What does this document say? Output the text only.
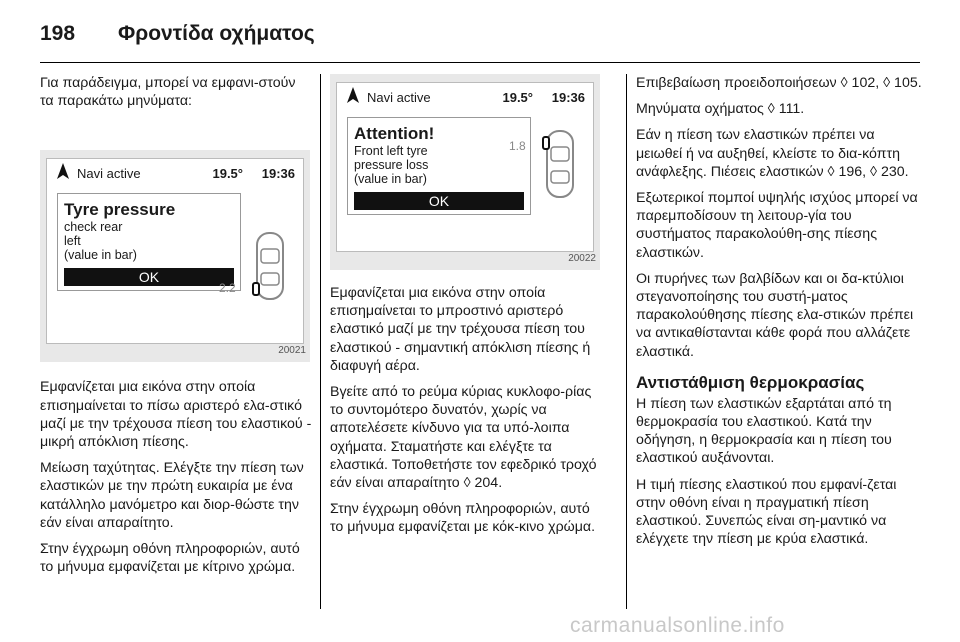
198 Φροντίδα οχήματος

Για παράδειγμα, μπορεί να εμφανι-στούν τα παρακάτω μηνύματα:

Navi active	19.5° 19:36
Tyre pressure
check rear
left
(value in bar)
OK
2.2
20021

Εμφανίζεται μια εικόνα στην οποία επισημαίνεται το πίσω αριστερό ελα-στικό μαζί με την τρέχουσα πίεση του ελαστικού - μικρή απόκλιση πίεσης.

Μείωση ταχύτητας. Ελέγξτε την πίεση των ελαστικών με την πρώτη ευκαιρία με ένα κατάλληλο μανόμετρο και διορ-θώστε την εάν είναι απαραίτητο.

Στην έγχρωμη οθόνη πληροφοριών, αυτό το μήνυμα εμφανίζεται με κίτρινο χρώμα.

Navi active	19.5° 19:36
Attention!
Front left tyre
pressure loss
(value in bar)
OK
1.8
20022

Εμφανίζεται μια εικόνα στην οποία επισημαίνεται το μπροστινό αριστερό ελαστικό μαζί με την τρέχουσα πίεση του ελαστικού - σημαντική απόκλιση πίεσης ή διαφυγή αέρα.

Βγείτε από το ρεύμα κύριας κυκλοφο-ρίας το συντομότερο δυνατόν, χωρίς να αποτελέσετε κίνδυνο για τα υπό-λοιπα οχήματα. Σταματήστε και ελέγξτε τα ελαστικά. Τοποθετήστε τον εφεδρικό τροχό εάν είναι απαραίτητο ◊ 204.

Στην έγχρωμη οθόνη πληροφοριών, αυτό το μήνυμα εμφανίζεται με κόκ-κινο χρώμα.

Επιβεβαίωση προειδοποιήσεων ◊ 102, ◊ 105.

Μηνύματα οχήματος ◊ 111.

Εάν η πίεση των ελαστικών πρέπει να μειωθεί ή να αυξηθεί, κλείστε το δια-κόπτη ανάφλεξης. Πιέσεις ελαστικών ◊ 196, ◊ 230.

Εξωτερικοί πομποί υψηλής ισχύος μπορεί να παρεμποδίσουν τη λειτουρ-γία του συστήματος παρακολούθη-σης πίεσης ελαστικών.

Οι πυρήνες των βαλβίδων και οι δα-κτύλιοι στεγανοποίησης του συστή-ματος παρακολούθησης πίεσης ελα-στικών πρέπει να αντικαθίστανται κάθε φορά που αλλάζετε ελαστικά.

Αντιστάθμιση θερμοκρασίας

Η πίεση των ελαστικών εξαρτάται από τη θερμοκρασία του ελαστικού. Κατά την οδήγηση, η θερμοκρασία και η πίεση του ελαστικού αυξάνονται.

Η τιμή πίεσης ελαστικού που εμφανί-ζεται στην οθόνη είναι η πραγματική πίεση ελαστικού. Συνεπώς είναι ση-μαντικό να ελέγχετε την πίεση με κρύα ελαστικά.

carmanualsonline.info
